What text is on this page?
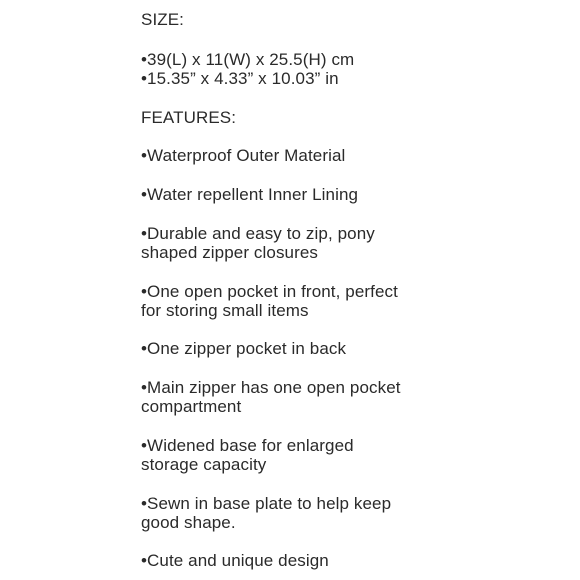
SIZE:
•39(L) x 11(W) x 25.5(H) cm
•15.35” x 4.33” x 10.03” in
FEATURES:
•Waterproof Outer Material
•Water repellent Inner Lining
•Durable and easy to zip, pony
shaped zipper closures
•One open pocket in front, perfect
for storing small items
•One zipper pocket in back
•Main zipper has one open pocket
compartment
•Widened base for enlarged
storage capacity
•Sewn in base plate to help keep
good shape.
•Cute and unique design
